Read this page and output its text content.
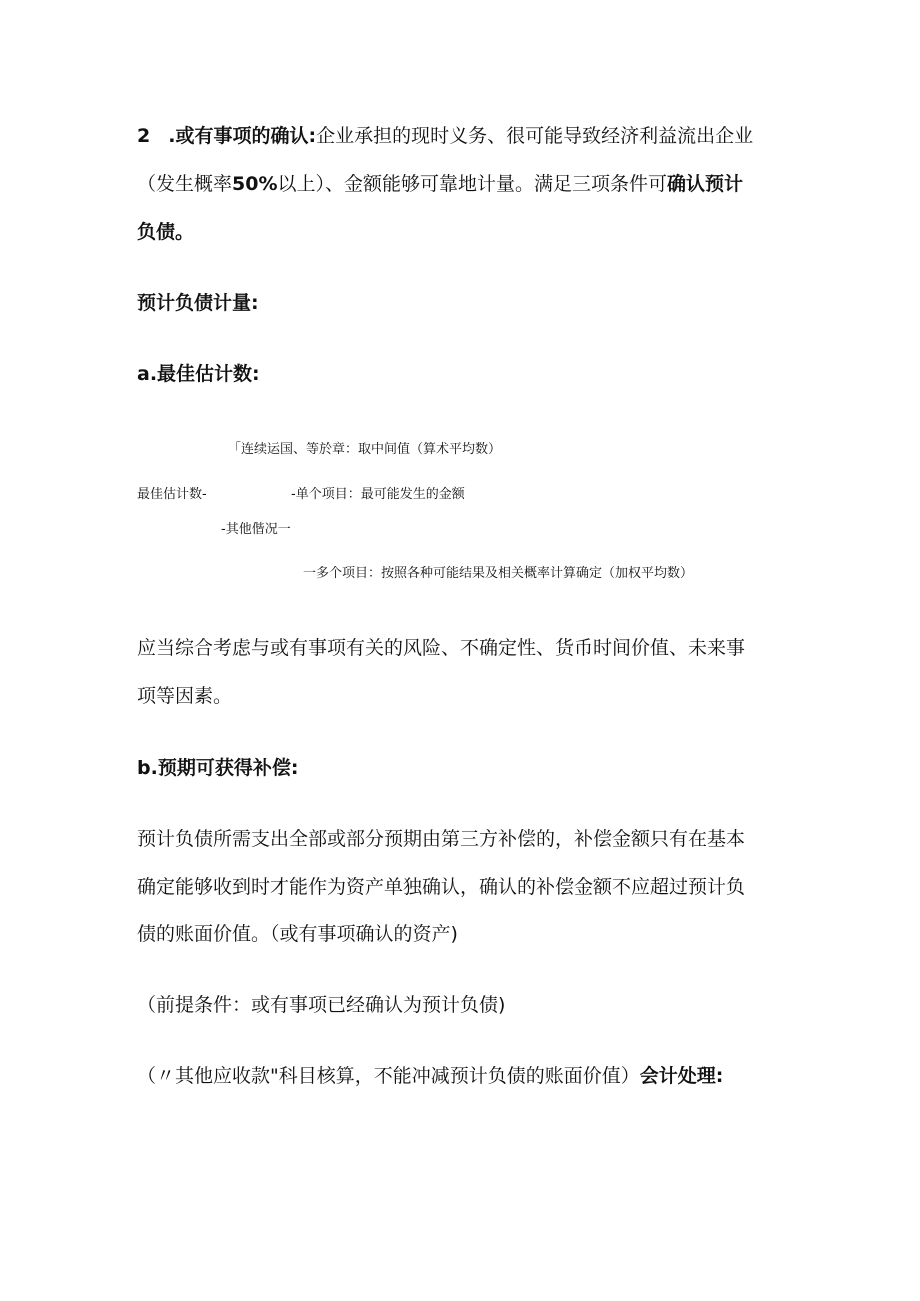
2 .或有事项的确认:企业承担的现时义务、很可能导致经济利益流出企业
（发生概率50%以上）、金额能够可靠地计量。满足三项条件可确认预计
负债。
预计负债计量:
a.最佳估计数:
「连续运国、等於章：取中间值（算术平均数）
最佳估计数-	-单个项目：最可能发生的金额
-其他偕况一
一多个项目：按照各种可能结果及相关概率计算确定（加权平均数）
应当综合考虑与或有事项有关的风险、不确定性、货币时间价值、未来事
项等因素。
b.预期可获得补偿:
预计负债所需支出全部或部分预期由第三方补偿的，补偿金额只有在基本
确定能够收到时才能作为资产单独确认，确认的补偿金额不应超过预计负
债的账面价值。（或有事项确认的资产)
（前提条件：或有事项已经确认为预计负债)
（〃其他应收款"科目核算，不能冲减预计负债的账面价值）会计处理:
